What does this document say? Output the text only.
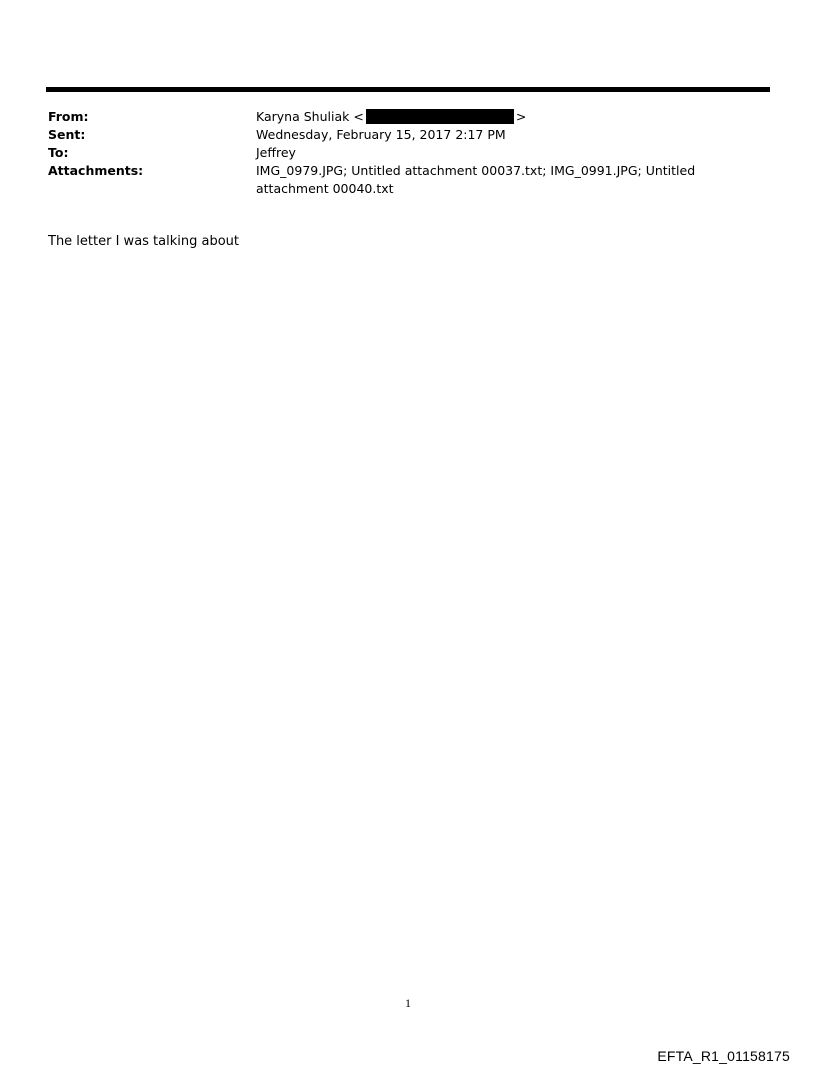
From:	Karyna Shuliak <	>
Sent:	Wednesday, February 15, 2017 2:17 PM
To:	Jeffrey
Attachments:	IMG_0979.JPG; Untitled attachment 00037.txt; IMG_0991.JPG; Untitled attachment 00040.txt
The letter I was talking about
1
EFTA_R1_01158175
